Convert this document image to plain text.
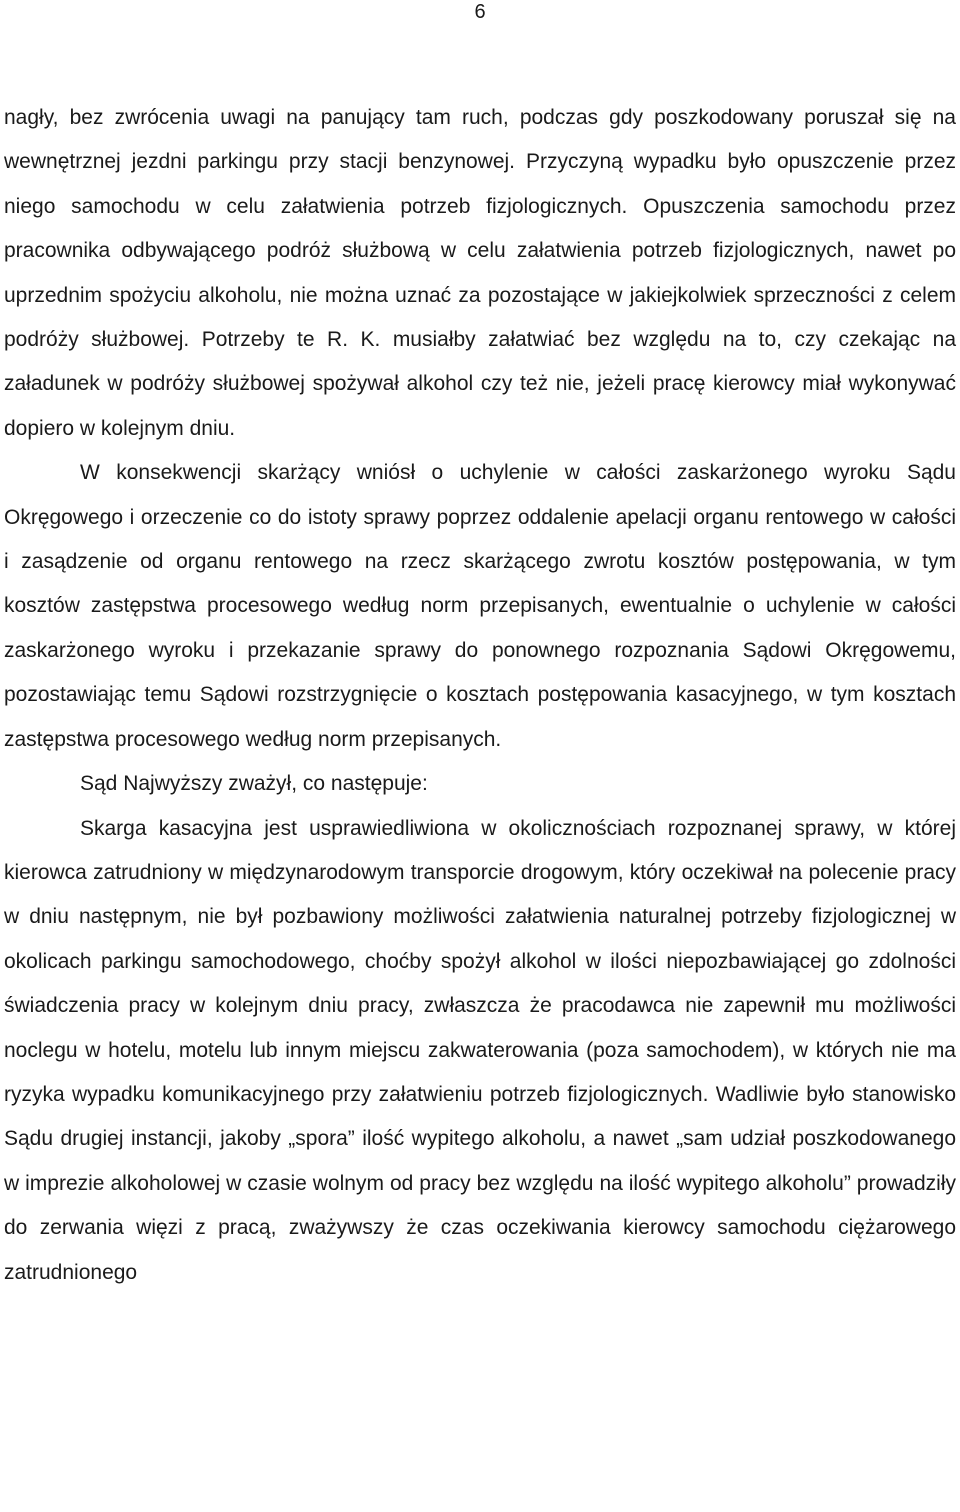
6

nagły, bez zwrócenia uwagi na panujący tam ruch, podczas gdy poszkodowany poruszał się na wewnętrznej jezdni parkingu przy stacji benzynowej. Przyczyną wypadku było opuszczenie przez niego samochodu w celu załatwienia potrzeb fizjologicznych. Opuszczenia samochodu przez pracownika odbywającego podróż służbową w celu załatwienia potrzeb fizjologicznych, nawet po uprzednim spożyciu alkoholu, nie można uznać za pozostające w jakiejkolwiek sprzeczności z celem podróży służbowej. Potrzeby te R. K. musiałby załatwiać bez względu na to, czy czekając na załadunek w podróży służbowej spożywał alkohol czy też nie, jeżeli pracę kierowcy miał wykonywać dopiero w kolejnym dniu.

W konsekwencji skarżący wniósł o uchylenie w całości zaskarżonego wyroku Sądu Okręgowego i orzeczenie co do istoty sprawy poprzez oddalenie apelacji organu rentowego w całości i zasądzenie od organu rentowego na rzecz skarżącego zwrotu kosztów postępowania, w tym kosztów zastępstwa procesowego według norm przepisanych, ewentualnie o uchylenie w całości zaskarżonego wyroku i przekazanie sprawy do ponownego rozpoznania Sądowi Okręgowemu, pozostawiając temu Sądowi rozstrzygnięcie o kosztach postępowania kasacyjnego, w tym kosztach zastępstwa procesowego według norm przepisanych.

Sąd Najwyższy zważył, co następuje:

Skarga kasacyjna jest usprawiedliwiona w okolicznościach rozpoznanej sprawy, w której kierowca zatrudniony w międzynarodowym transporcie drogowym, który oczekiwał na polecenie pracy w dniu następnym, nie był pozbawiony możliwości załatwienia naturalnej potrzeby fizjologicznej w okolicach parkingu samochodowego, choćby spożył alkohol w ilości niepozbawiającej go zdolności świadczenia pracy w kolejnym dniu pracy, zwłaszcza że pracodawca nie zapewnił mu możliwości noclegu w hotelu, motelu lub innym miejscu zakwaterowania (poza samochodem), w których nie ma ryzyka wypadku komunikacyjnego przy załatwieniu potrzeb fizjologicznych. Wadliwie było stanowisko Sądu drugiej instancji, jakoby „spora” ilość wypitego alkoholu, a nawet „sam udział poszkodowanego w imprezie alkoholowej w czasie wolnym od pracy bez względu na ilość wypitego alkoholu” prowadziły do zerwania więzi z pracą, zważywszy że czas oczekiwania kierowcy samochodu ciężarowego zatrudnionego
